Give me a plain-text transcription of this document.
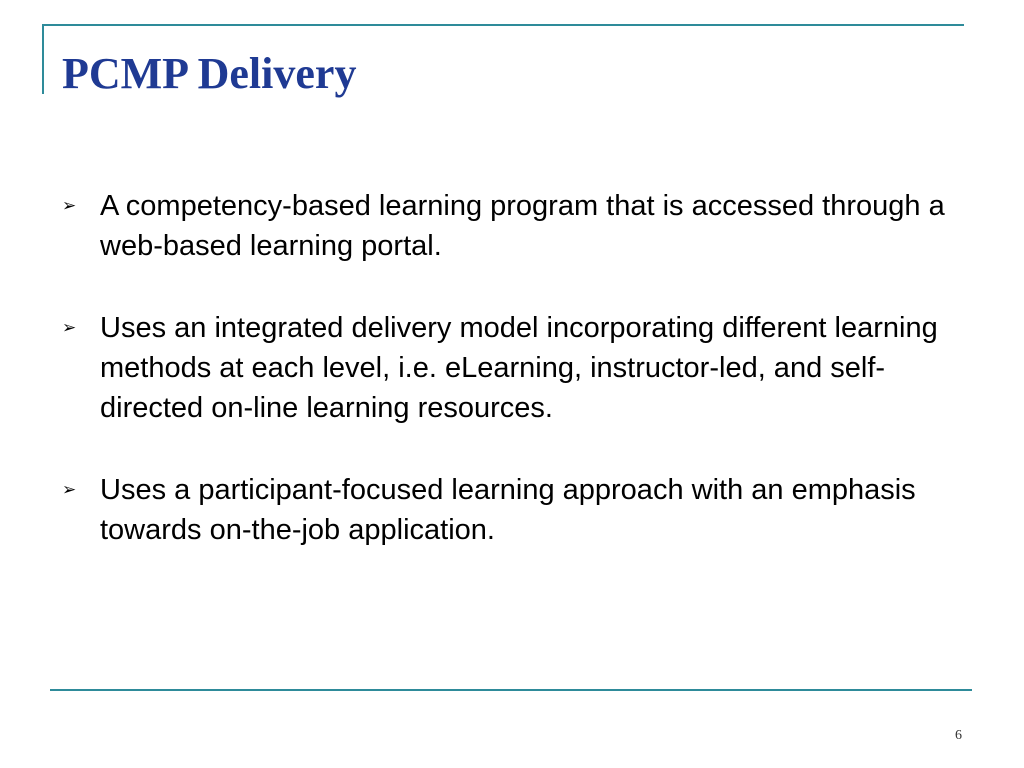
PCMP Delivery
➢ A competency-based learning program that is accessed through a web-based learning portal.
➢ Uses an integrated delivery model incorporating different learning methods at each level, i.e. eLearning, instructor-led, and self-directed on-line learning resources.
➢ Uses a participant-focused learning approach with an emphasis towards on-the-job application.
6
